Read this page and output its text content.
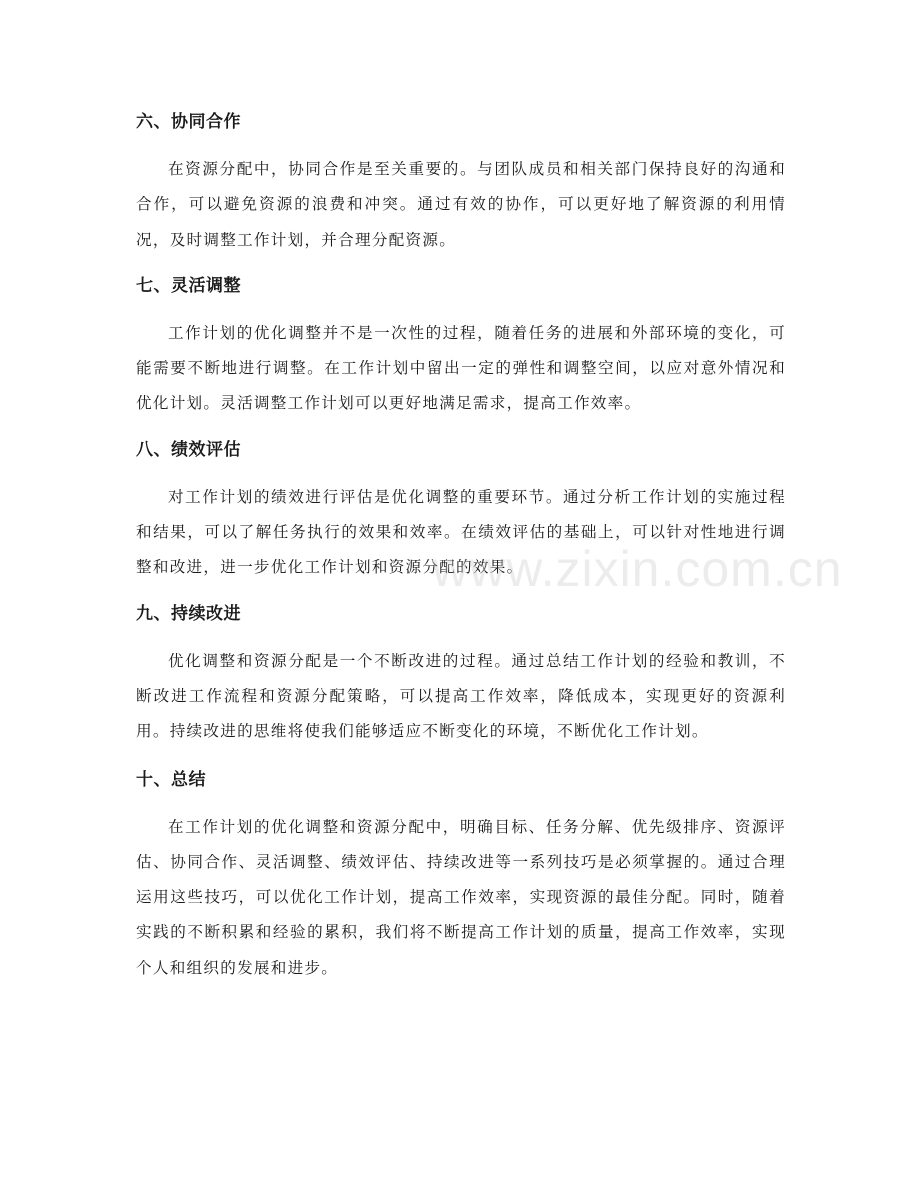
六、协同合作

在资源分配中，协同合作是至关重要的。与团队成员和相关部门保持良好的沟通和合作，可以避免资源的浪费和冲突。通过有效的协作，可以更好地了解资源的利用情况，及时调整工作计划，并合理分配资源。

七、灵活调整

工作计划的优化调整并不是一次性的过程，随着任务的进展和外部环境的变化，可能需要不断地进行调整。在工作计划中留出一定的弹性和调整空间，以应对意外情况和优化计划。灵活调整工作计划可以更好地满足需求，提高工作效率。

八、绩效评估

对工作计划的绩效进行评估是优化调整的重要环节。通过分析工作计划的实施过程和结果，可以了解任务执行的效果和效率。在绩效评估的基础上，可以针对性地进行调整和改进，进一步优化工作计划和资源分配的效果。

九、持续改进

优化调整和资源分配是一个不断改进的过程。通过总结工作计划的经验和教训，不断改进工作流程和资源分配策略，可以提高工作效率，降低成本，实现更好的资源利用。持续改进的思维将使我们能够适应不断变化的环境，不断优化工作计划。

十、总结

在工作计划的优化调整和资源分配中，明确目标、任务分解、优先级排序、资源评估、协同合作、灵活调整、绩效评估、持续改进等一系列技巧是必须掌握的。通过合理运用这些技巧，可以优化工作计划，提高工作效率，实现资源的最佳分配。同时，随着实践的不断积累和经验的累积，我们将不断提高工作计划的质量，提高工作效率，实现个人和组织的发展和进步。

www.zixin.com.cn
